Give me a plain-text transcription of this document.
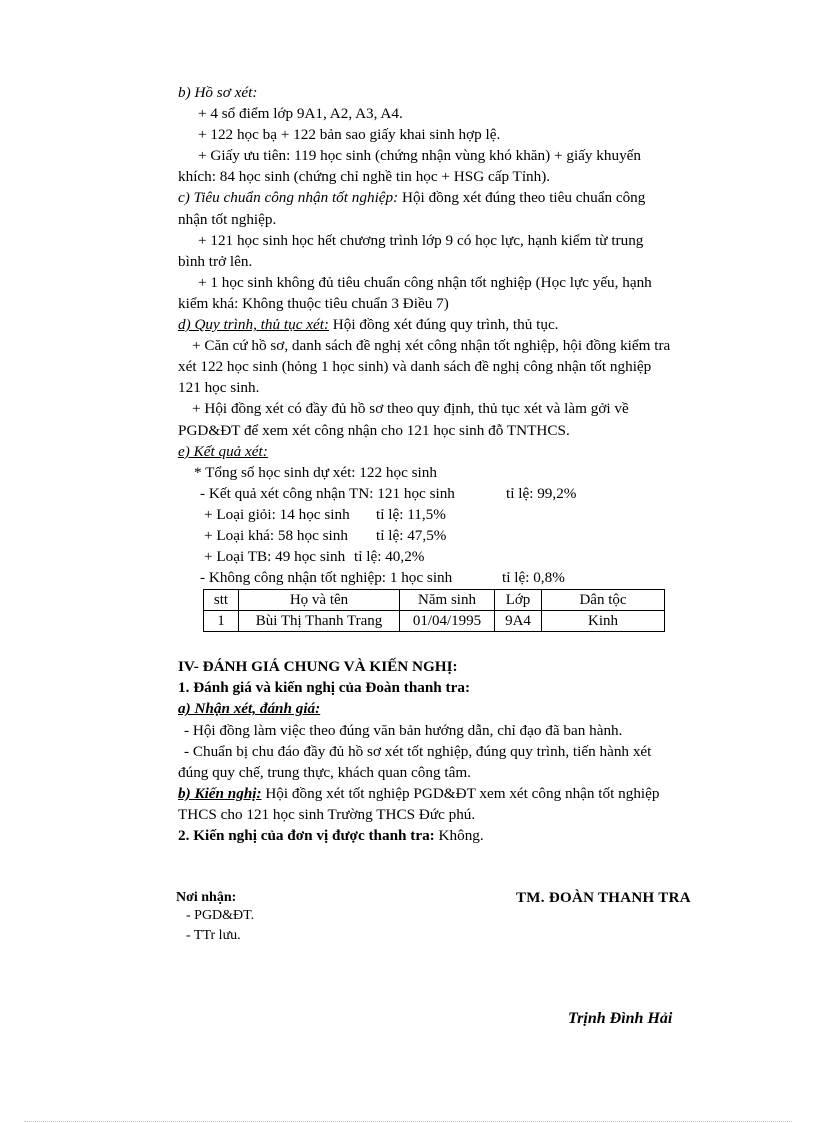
b) Hồ sơ xét:
+ 4 sổ điểm lớp 9A1, A2, A3, A4.
+ 122 học bạ + 122 bản sao giấy khai sinh hợp lệ.
+ Giấy ưu tiên: 119 học sinh (chứng nhận vùng khó khăn) + giấy khuyến
khích: 84 học sinh (chứng chỉ nghề tin học + HSG cấp Tỉnh).
c) Tiêu chuẩn công nhận tốt nghiệp: Hội đồng xét đúng theo tiêu chuẩn công
nhận tốt nghiệp.
+ 121 học sinh học hết chương trình lớp 9 có học lực, hạnh kiểm từ trung
bình trở lên.
+ 1 học sinh không đủ tiêu chuẩn công nhận tốt nghiệp (Học lực yếu, hạnh
kiểm khá: Không thuộc tiêu chuẩn 3 Điều 7)
d) Quy trình, thủ tục xét: Hội đồng xét đúng quy trình, thủ tục.
+ Căn cứ hồ sơ, danh sách đề nghị xét công nhận tốt nghiệp, hội đồng kiểm tra
xét 122 học sinh (hỏng 1 học sinh) và danh sách đề nghị công nhận tốt nghiệp
121 học sinh.
+ Hội đồng xét có đầy đủ hồ sơ theo quy định, thủ tục xét và làm gởi về
PGD&ĐT để xem xét công nhận cho 121 học sinh đỗ TNTHCS.
e) Kết quả xét:
* Tổng số học sinh dự xét: 122 học sinh
- Kết quả xét công nhận TN: 121 học sinh	tỉ lệ: 99,2%
+ Loại giỏi: 14 học sinh tỉ lệ: 11,5%
+ Loại khá: 58 học sinh tỉ lệ: 47,5%
+ Loại TB: 49 học sinh tỉ lệ: 40,2%
- Không công nhận tốt nghiệp: 1 học sinh	tỉ lệ: 0,8%
stt	Họ và tên	Năm sinh	Lớp	Dân tộc
1	Bùi Thị Thanh Trang	01/04/1995	9A4	Kinh
IV- ĐÁNH GIÁ CHUNG VÀ KIẾN NGHỊ:
1. Đánh giá và kiến nghị của Đoàn thanh tra:
a) Nhận xét, đánh giá:
- Hội đồng làm việc theo đúng văn bản hướng dẫn, chỉ đạo đã ban hành.
- Chuẩn bị chu đáo đầy đủ hồ sơ xét tốt nghiệp, đúng quy trình, tiến hành xét
đúng quy chế, trung thực, khách quan công tâm.
b) Kiến nghị: Hội đồng xét tốt nghiệp PGD&ĐT xem xét công nhận tốt nghiệp
THCS cho 121 học sinh Trường THCS Đức phú.
2. Kiến nghị của đơn vị được thanh tra: Không.
Nơi nhận:
- PGD&ĐT.
- TTr lưu.
TM. ĐOÀN THANH TRA
Trịnh Đình Hải
